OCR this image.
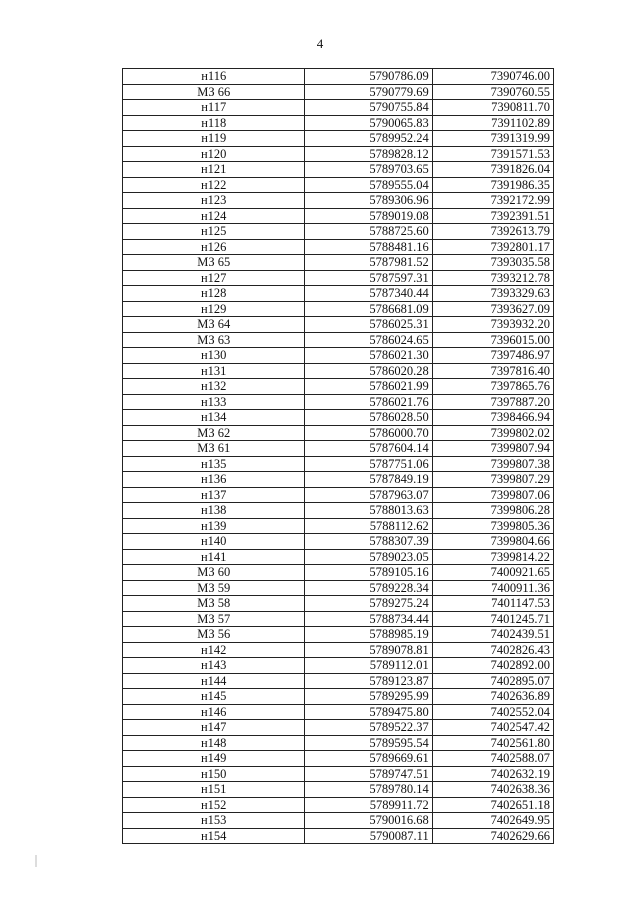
4
н116	5790786.09	7390746.00
МЗ 66	5790779.69	7390760.55
н117	5790755.84	7390811.70
н118	5790065.83	7391102.89
н119	5789952.24	7391319.99
н120	5789828.12	7391571.53
н121	5789703.65	7391826.04
н122	5789555.04	7391986.35
н123	5789306.96	7392172.99
н124	5789019.08	7392391.51
н125	5788725.60	7392613.79
н126	5788481.16	7392801.17
МЗ 65	5787981.52	7393035.58
н127	5787597.31	7393212.78
н128	5787340.44	7393329.63
н129	5786681.09	7393627.09
МЗ 64	5786025.31	7393932.20
МЗ 63	5786024.65	7396015.00
н130	5786021.30	7397486.97
н131	5786020.28	7397816.40
н132	5786021.99	7397865.76
н133	5786021.76	7397887.20
н134	5786028.50	7398466.94
МЗ 62	5786000.70	7399802.02
МЗ 61	5787604.14	7399807.94
н135	5787751.06	7399807.38
н136	5787849.19	7399807.29
н137	5787963.07	7399807.06
н138	5788013.63	7399806.28
н139	5788112.62	7399805.36
н140	5788307.39	7399804.66
н141	5789023.05	7399814.22
МЗ 60	5789105.16	7400921.65
МЗ 59	5789228.34	7400911.36
МЗ 58	5789275.24	7401147.53
МЗ 57	5788734.44	7401245.71
МЗ 56	5788985.19	7402439.51
н142	5789078.81	7402826.43
н143	5789112.01	7402892.00
н144	5789123.87	7402895.07
н145	5789295.99	7402636.89
н146	5789475.80	7402552.04
н147	5789522.37	7402547.42
н148	5789595.54	7402561.80
н149	5789669.61	7402588.07
н150	5789747.51	7402632.19
н151	5789780.14	7402638.36
н152	5789911.72	7402651.18
н153	5790016.68	7402649.95
н154	5790087.11	7402629.66
